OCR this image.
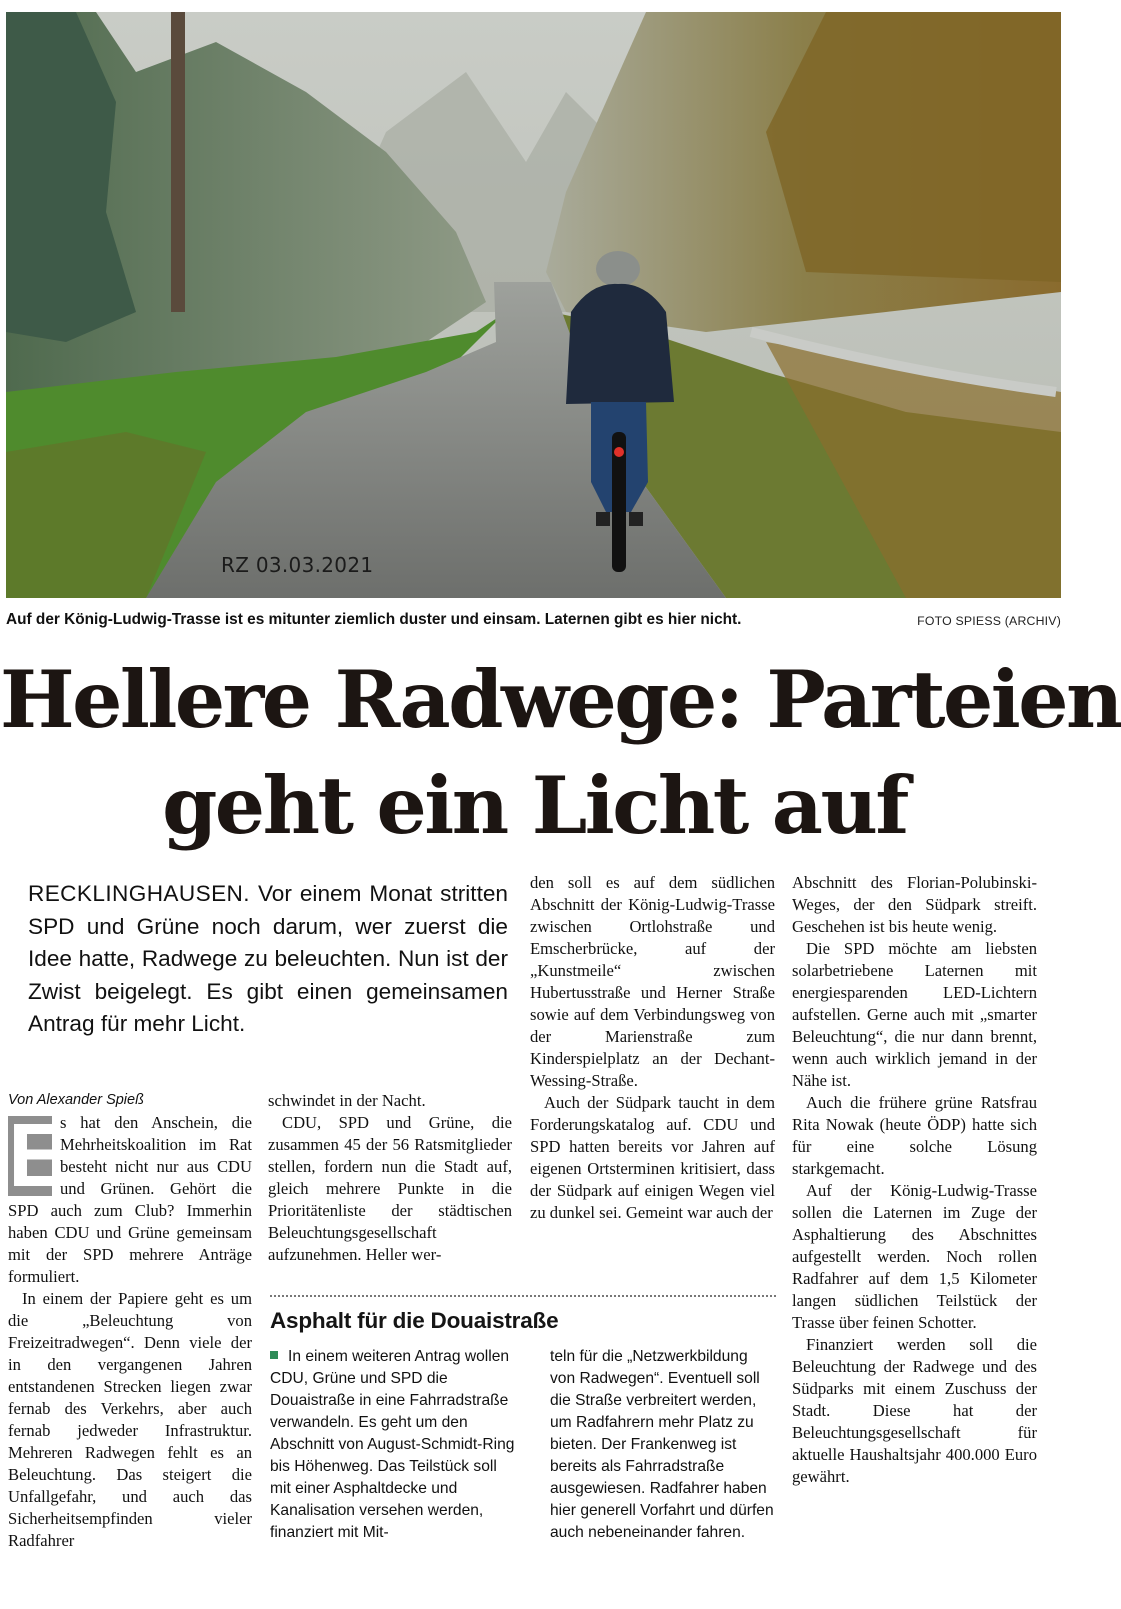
RZ 03.03.2021
Auf der König-Ludwig-Trasse ist es mitunter ziemlich duster und einsam. Laternen gibt es hier nicht.	FOTO SPIESS (ARCHIV)
Hellere Radwege: Parteien
geht ein Licht auf

RECKLINGHAUSEN. Vor einem Monat stritten SPD und Grüne noch darum, wer zuerst die Idee hatte, Radwege zu beleuchten. Nun ist der Zwist beigelegt. Es gibt einen gemeinsamen Antrag für mehr Licht.

Von Alexander Spieß

E
s hat den Anschein, die Mehrheitskoalition im Rat besteht nicht nur aus CDU und Grünen. Gehört die SPD auch zum Club? Immerhin haben CDU und Grüne gemeinsam mit der SPD mehrere Anträge formuliert.

In einem der Papiere geht es um die „Beleuchtung von Freizeitradwegen“. Denn viele der in den vergangenen Jahren entstandenen Strecken liegen zwar fernab des Verkehrs, aber auch fernab jedweder Infrastruktur. Mehreren Radwegen fehlt es an Beleuchtung. Das steigert die Unfallgefahr, und auch das Sicherheitsempfinden vieler Radfahrer

schwindet in der Nacht.

CDU, SPD und Grüne, die zusammen 45 der 56 Ratsmitglieder stellen, fordern nun die Stadt auf, gleich mehrere Punkte in die Prioritätenliste der städtischen Beleuchtungsgesellschaft aufzunehmen. Heller wer-

den soll es auf dem südlichen Abschnitt der König-Ludwig-Trasse zwischen Ortlohstraße und Emscherbrücke, auf der „Kunstmeile“ zwischen Hubertusstraße und Herner Straße sowie auf dem Verbindungsweg von der Marienstraße zum Kinderspielplatz an der Dechant-Wessing-Straße.

Auch der Südpark taucht in dem Forderungskatalog auf. CDU und SPD hatten bereits vor Jahren auf eigenen Ortsterminen kritisiert, dass der Südpark auf einigen Wegen viel zu dunkel sei. Gemeint war auch der

Abschnitt des Florian-Polubinski-Weges, der den Südpark streift. Geschehen ist bis heute wenig.

Die SPD möchte am liebsten solarbetriebene Laternen mit energiesparenden LED-Lichtern aufstellen. Gerne auch mit „smarter Beleuchtung“, die nur dann brennt, wenn auch wirklich jemand in der Nähe ist.

Auch die frühere grüne Ratsfrau Rita Nowak (heute ÖDP) hatte sich für eine solche Lösung starkgemacht.

Auf der König-Ludwig-Trasse sollen die Laternen im Zuge der Asphaltierung des Abschnittes aufgestellt werden. Noch rollen Radfahrer auf dem 1,5 Kilometer langen südlichen Teilstück der Trasse über feinen Schotter.

Finanziert werden soll die Beleuchtung der Radwege und des Südparks mit einem Zuschuss der Stadt. Diese hat der Beleuchtungsgesellschaft für aktuelle Haushaltsjahr 400.000 Euro gewährt.

Asphalt für die Douaistraße
In einem weiteren Antrag wollen CDU, Grüne und SPD die Douaistraße in eine Fahrradstraße verwandeln. Es geht um den Abschnitt von August-Schmidt-Ring bis Höhenweg. Das Teilstück soll mit einer Asphaltdecke und Kanalisation versehen werden, finanziert mit Mit-
teln für die „Netzwerkbildung von Radwegen“. Eventuell soll die Straße verbreitert werden, um Radfahrern mehr Platz zu bieten. Der Frankenweg ist bereits als Fahrradstraße ausgewiesen. Radfahrer haben hier generell Vorfahrt und dürfen auch nebeneinander fahren.
